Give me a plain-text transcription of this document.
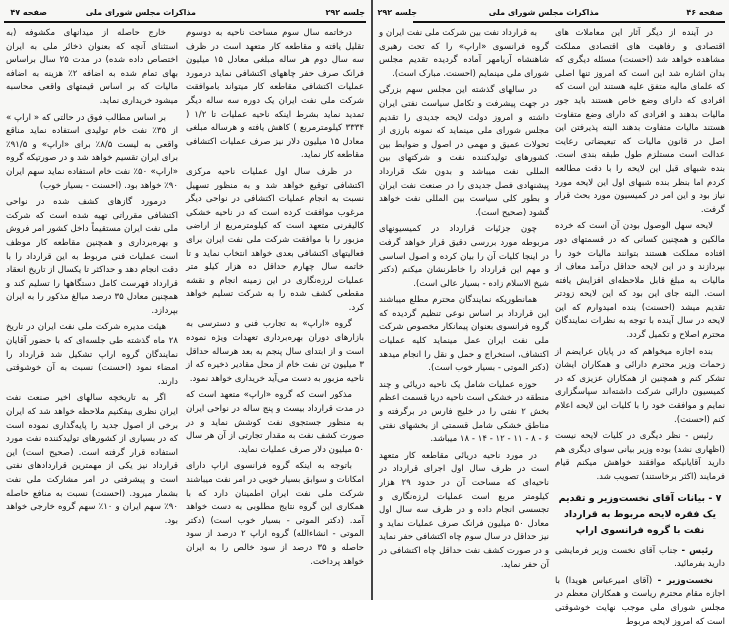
صفحه ۴۷	مذاکرات مجلس شورای ملی	جلسه ۲۹۲

درخاتمه سال سوم مساحت ناحیه به دوسوم تقلیل یافته و مقاطعه کار متعهد است در ظرف سه سال دوم هر ساله مبلغی معادل ۱۵ میلیون فرانک صرف حفر چاههای اکتشافی نماید درمورد عملیات اکتشافی مقاطعه کار میتواند باموافقت شرکت ملی نفت ایران یک دوره سه ساله دیگر تمدید نماید بشرط اینکه ناحیه عملیات تا ۱/۲ ( ۳۳۳۴ کیلومترمربع ) کاهش یافته و هرساله مبلغی معادل ۱۵ میلیون دلار نیز صرف عملیات اکتشافی مقاطعه کار نماید.

در ظرف سال اول عملیات ناحیه مرکزی اکتشافی توقیع خواهد شد و به منظور تسهیل نسبت به انجام عملیات اکتشافی در نواحی دیگر مرغوب موافقت کرده است که در ناحیه خشکی کالیفرنی متعهد است که کیلومترمربع از اراضی مزبور را با موافقت شرکت ملی نفت ایران برای فعالیتهای اکتشافی بعدی خواهد انتخاب نماید و تا خاتمه سال چهارم حداقل ده هزار کیلو متر عملیات لرزه‌نگاری در این زمینه انجام و نقشه مقطعی کشف شده را به شرکت تسلیم خواهد کرد.

گروه «اراپ» به تجارب فنی و دسترسی به بازارهای دوران بهره‌برداری تعهدات ویژه نموده است و از ابتدای سال پنجم به بعد هرساله حداقل ۳ میلیون تن نفت خام از محل مقادیر ذخیره که از ناحیه مزبور به دست می‌آید خریداری خواهد نمود.

مذکور است که گروه «اراپ» متعهد است که در مدت قرارداد بیست و پنج ساله در نواحی ایران به منظور جستجوی نفت کوشش نماید و در صورت کشف نفت به مقدار تجارتی از آن هر سال ۵۰ میلیون دلار صرف عملیات نماید.

باتوجه به اینکه گروه فرانسوی اراپ دارای امکانات و سوابق بسیار خوبی در امر نفت میباشند شرکت ملی نفت ایران اطمینان دارد که با همکاری این گروه نتایج مطلوبی به دست خواهد آمد. (دکتر الموتی - بسیار خوب است) (دکتر الموتی - انشاءالله) گروه اراپ ۲ درصد از سود حاصله و ۳۵ درصد از سود خالص را به ایران خواهد پرداخت.

خارج حاصله از میدانهای مکشوفه (به استثنای آنچه که بعنوان ذخائر ملی به ایران اختصاص داده شده) در مدت ۲۵ سال براساس بهای تمام شده به اضافه ۲٪ هزینه به اضافه مالیات که بر اساس قیمتهای واقعی محاسبه میشود خریداری نماید.

بر اساس مطالب فوق در حالتی که « اراپ » از ۳۵٪ نفت خام تولیدی استفاده نماید مناقع واقعی به لیست ۸/۵٪ برای «اراپ» و ۹۱/۵٪ برای ایران تقسیم خواهد شد و در صورتیکه گروه «اراپ» ۵۰٪ نفت خام استفاده نماید سهم ایران ۹۰٪ خواهد بود. (احسنت - بسیار خوب)

درمورد گازهای کشف شده در نواحی اکتشافی مقرراتی تهیه شده است که شرکت ملی نفت ایران مستقیماً داخل کشور امر فروش و بهره‌برداری و همچنین مقاطعه کار موظف است عملیات فنی مربوط به این قرارداد را با دقت انجام دهد و حداکثر تا یکسال از تاریخ انعقاد قرارداد فهرست کامل دستگاهها را تسلیم کند و همچنین معادل ۳۵ درصد مبالغ مذکور را به ایران بپردازد.

هیئت مدیره شرکت ملی نفت ایران در تاریخ ۲۸ ماه گذشته طی جلسه‌ای که با حضور آقایان نمایندگان گروه اراپ تشکیل شد قرارداد را امضاء نمود (احسنت) نسبت به آن خوشوقتی دارند.

اگر به تاریخچه سالهای اخیر صنعت نفت ایران نظری بیفکنیم ملاحظه خواهد شد که ایران برخی از اصول جدید را پایه‌گذاری نموده است که در بسیاری از کشورهای تولیدکننده نفت مورد استفاده قرار گرفته است. (صحیح است) این قرارداد نیز یکی از مهمترین قراردادهای نفتی است و پیشرفتی در امر مشارکت ملی نفت بشمار میرود. (احسنت) نسبت به منافع حاصله ۹۰٪ سهم ایران و ۱۰٪ سهم گروه خارجی خواهد بود.

جلسه ۲۹۲	مذاکرات مجلس شورای ملی	صفحه ۴۶

در آینده از دیگر آثار این معاملات های اقتصادی و رفاهیت های اقتصادی مملکت مشاهده خواهد شد (احسنت) مسئله دیگری که بدان اشاره شد این است که امروز تنها اصلی که علمای مالیه متفق علیه هستند این است که افرادی که دارای وضع خاص هستند باید جور مالیات بدهند و افرادی که دارای وضع متفاوت هستند مالیات متفاوت بدهند البته پذیرفتن این اصل در قانون مالیات که تبعیضاتی رعایت عدالت است مستلزم طول طبقه بندی است. بنده شبهای قبل این لایحه را با دقت مطالعه کردم اما بنظر بنده شبهای اول این لایحه مورد نیاز بود و این امر در کمیسیون مورد بحث قرار گرفت.

لایحه سهل الوصول بودن آن است که خرده مالکین و همچنین کسانی که در قسمتهای دور افتاده مملکت هستند بتوانند مالیات خود را بپردازند و در این لایحه حداقل درآمد معاف از مالیات به مبلغ قابل ملاحظه‌ای افزایش یافته است. البته جای این بود که این لایحه زودتر تقدیم میشد (احسنت) بنده امیدوارم که این لایحه در سال آینده با توجه به نظرات نمایندگان محترم اصلاح و تکمیل گردد.

بنده اجازه میخواهم که در پایان عرایضم از زحمات وزیر محترم دارائی و همکاران ایشان تشکر کنم و همچنین از همکاران عزیزی که در کمیسیون دارائی شرکت داشته‌اند سپاسگزاری نمایم و موافقت خود را با کلیات این لایحه اعلام کنم (احسنت).

رئیس - نظر دیگری در کلیات لایحه نیست (اظهاری نشد) بوده وزیر بیانی سوای دیگری هم دارید آقایانیکه موافقند خواهش میکنم قیام فرمایند (اکثر برخاستند) تصویب شد.

۷ - بیانات آقای نخست‌وزیر و تقدیم یک فقره لایحه مربوط به قرارداد نفت با گروه فرانسوی اراپ

رئیس - جناب آقای نخست وزیر فرمایشی دارید بفرمائید.

نخست‌وزیر - (آقای امیرعباس هویدا) با اجازه مقام محترم ریاست و همکاران معظم در مجلس شورای ملی موجب نهایت خوشوقتی است که امروز لایحه مربوط

به قرارداد نفت بین شرکت ملی نفت ایران و گروه فرانسوی «اراپ» را که تحت رهبری شاهنشاه آریامهر آماده گردیده تقدیم مجلس شورای ملی مینمایم (احسنت. مبارک است).

در سالهای گذشته این مجلس سهم بزرگی در جهت پیشرفت و تکامل سیاست نفتی ایران داشته و امروز دولت لایحه جدیدی را تقدیم مجلس شورای ملی مینماید که نمونه بارزی از تحولات عمیق و مهمی در اصول و ضوابط بین کشورهای تولیدکننده نفت و شرکتهای بین المللی نفت میباشد و بدون شک قرارداد پیشنهادی فصل جدیدی را در صنعت نفت ایران و بطور کلی سیاست بین المللی نفت خواهد گشود (صحیح است).

چون جزئیات قرارداد در کمیسیونهای مربوطه مورد بررسی دقیق قرار خواهد گرفت در اینجا کلیات آن را بیان کرده و اصول اساسی و مهم این قرارداد را خاطرنشان میکنم (دکتر شیخ الاسلام زاده - بسیار عالی است).

همانطوریکه نمایندگان محترم مطلع میباشند این قرارداد بر اساس نوعی تنظیم گردیده که گروه فرانسوی بعنوان پیمانکار مخصوص شرکت ملی نفت ایران عمل مینماید کلیه عملیات اکتشاف، استخراج و حمل و نقل را انجام میدهد (دکتر الموتی - بسیار خوب است).

حوزه عملیات شامل یک ناحیه دریائی و چند منطقه در خشکی است ناحیه دریا قسمت اعظم بخش ۲ نفتی را در خلیج فارس در برگرفته و مناطق خشکی شامل قسمتی از بخشهای نفتی ۶ - ۸ - ۱۱ - ۱۲ - ۱۴ - ۱۸ میباشد.

در مورد ناحیه دریائی مقاطعه کار متعهد است در ظرف سال اول اجرای قرارداد در ناحیه‌ای که مساحت آن در حدود ۲۹ هزار کیلومتر مربع است عملیات لرزه‌نگاری و تجسسی انجام داده و در ظرف سه سال اول معادل ۵۰ میلیون فرانک صرف عملیات نماید و نیز حداقل در سال سوم چاه اکتشافی حفر نماید و در صورت کشف نفت حداقل چاه اکتشافی در آن حفر نماید.
